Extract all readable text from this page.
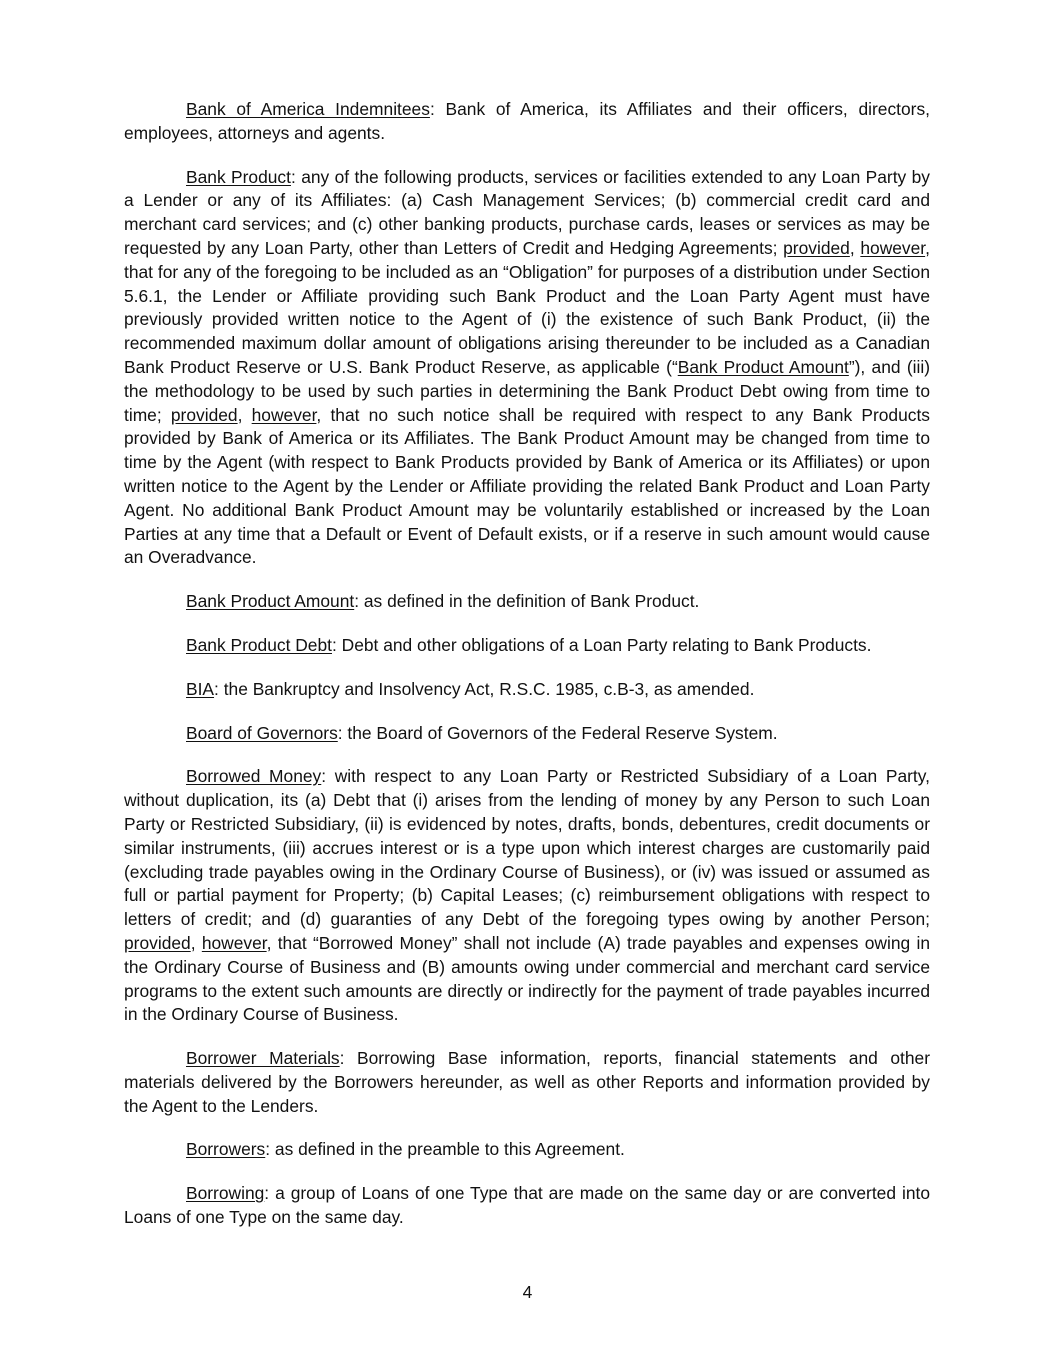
Bank of America Indemnitees: Bank of America, its Affiliates and their officers, directors, employees, attorneys and agents.

Bank Product: any of the following products, services or facilities extended to any Loan Party by a Lender or any of its Affiliates: (a) Cash Management Services; (b) commercial credit card and merchant card services; and (c) other banking products, purchase cards, leases or services as may be requested by any Loan Party, other than Letters of Credit and Hedging Agreements; provided, however, that for any of the foregoing to be included as an “Obligation” for purposes of a distribution under Section 5.6.1, the Lender or Affiliate providing such Bank Product and the Loan Party Agent must have previously provided written notice to the Agent of (i) the existence of such Bank Product, (ii) the recommended maximum dollar amount of obligations arising thereunder to be included as a Canadian Bank Product Reserve or U.S. Bank Product Reserve, as applicable (“Bank Product Amount”), and (iii) the methodology to be used by such parties in determining the Bank Product Debt owing from time to time; provided, however, that no such notice shall be required with respect to any Bank Products provided by Bank of America or its Affiliates. The Bank Product Amount may be changed from time to time by the Agent (with respect to Bank Products provided by Bank of America or its Affiliates) or upon written notice to the Agent by the Lender or Affiliate providing the related Bank Product and Loan Party Agent. No additional Bank Product Amount may be voluntarily established or increased by the Loan Parties at any time that a Default or Event of Default exists, or if a reserve in such amount would cause an Overadvance.

Bank Product Amount: as defined in the definition of Bank Product.

Bank Product Debt: Debt and other obligations of a Loan Party relating to Bank Products.

BIA: the Bankruptcy and Insolvency Act, R.S.C. 1985, c.B-3, as amended.

Board of Governors: the Board of Governors of the Federal Reserve System.

Borrowed Money: with respect to any Loan Party or Restricted Subsidiary of a Loan Party, without duplication, its (a) Debt that (i) arises from the lending of money by any Person to such Loan Party or Restricted Subsidiary, (ii) is evidenced by notes, drafts, bonds, debentures, credit documents or similar instruments, (iii) accrues interest or is a type upon which interest charges are customarily paid (excluding trade payables owing in the Ordinary Course of Business), or (iv) was issued or assumed as full or partial payment for Property; (b) Capital Leases; (c) reimbursement obligations with respect to letters of credit; and (d) guaranties of any Debt of the foregoing types owing by another Person; provided, however, that “Borrowed Money” shall not include (A) trade payables and expenses owing in the Ordinary Course of Business and (B) amounts owing under commercial and merchant card service programs to the extent such amounts are directly or indirectly for the payment of trade payables incurred in the Ordinary Course of Business.

Borrower Materials: Borrowing Base information, reports, financial statements and other materials delivered by the Borrowers hereunder, as well as other Reports and information provided by the Agent to the Lenders.

Borrowers: as defined in the preamble to this Agreement.

Borrowing: a group of Loans of one Type that are made on the same day or are converted into Loans of one Type on the same day.

4
